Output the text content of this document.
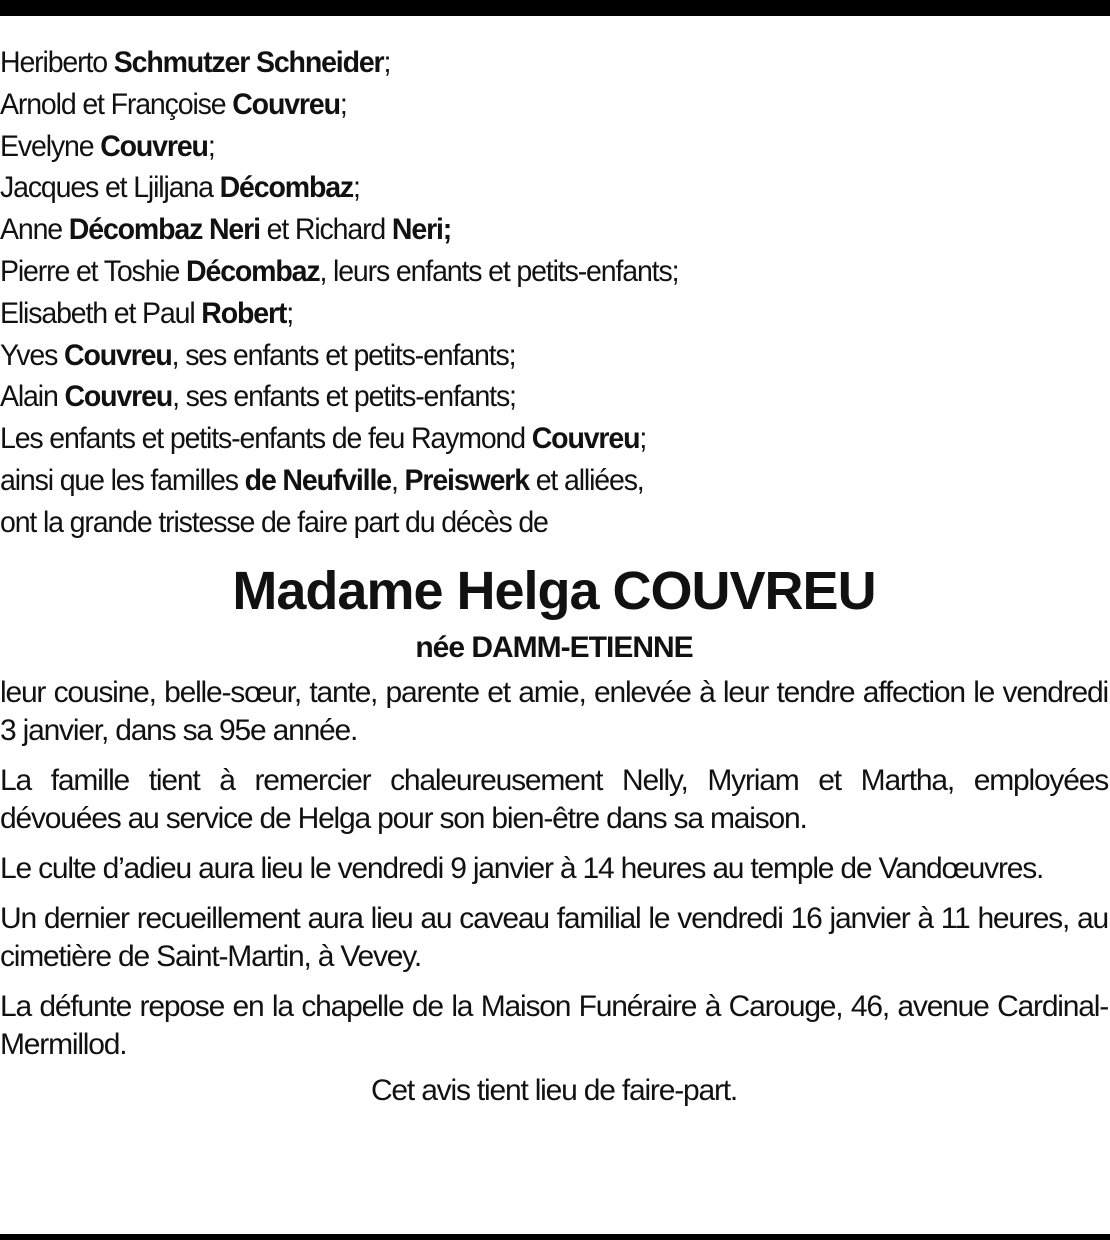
Heriberto Schmutzer Schneider;
Arnold et Françoise Couvreu;
Evelyne Couvreu;
Jacques et Ljiljana Décombaz;
Anne Décombaz Neri et Richard Neri;
Pierre et Toshie Décombaz, leurs enfants et petits-enfants;
Elisabeth et Paul Robert;
Yves Couvreu, ses enfants et petits-enfants;
Alain Couvreu, ses enfants et petits-enfants;
Les enfants et petits-enfants de feu Raymond Couvreu;
ainsi que les familles de Neufville, Preiswerk et alliées,
ont la grande tristesse de faire part du décès de
Madame Helga COUVREU
née DAMM-ETIENNE

leur cousine, belle-sœur, tante, parente et amie, enlevée à leur tendre affection le vendredi 3 janvier, dans sa 95e année.

La famille tient à remercier chaleureusement Nelly, Myriam et Martha, employées dévouées au service de Helga pour son bien-être dans sa maison.

Le culte d’adieu aura lieu le vendredi 9 janvier à 14 heures au temple de Vandœuvres.

Un dernier recueillement aura lieu au caveau familial le vendredi 16 janvier à 11 heures, au cimetière de Saint-Martin, à Vevey.

La défunte repose en la chapelle de la Maison Funéraire à Carouge, 46, avenue Cardinal-Mermillod.

Cet avis tient lieu de faire-part.
